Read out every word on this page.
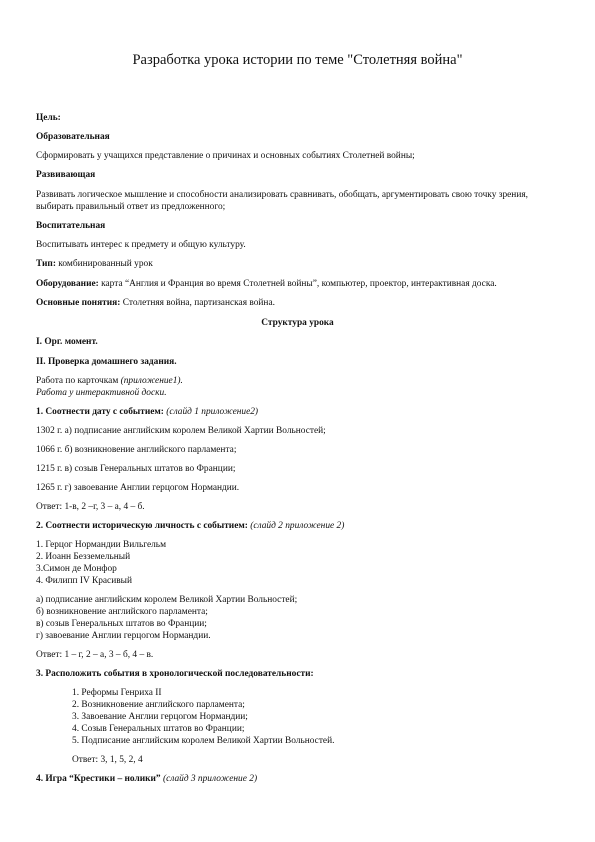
Разработка урока истории по теме "Столетняя война"
Цель:
Образовательная
Сформировать у учащихся представление о причинах и основных событиях Столетней войны;
Развивающая
Развивать логическое мышление и способности анализировать сравнивать, обобщать, аргументировать свою точку зрения,
выбирать правильный ответ из предложенного;
Воспитательная
Воспитывать интерес к предмету и общую культуру.
Тип: комбинированный урок
Оборудование: карта “Англия и Франция во время Столетней войны”, компьютер, проектор, интерактивная доска.
Основные понятия: Столетняя война, партизанская война.
Структура урока
I. Орг. момент.
II. Проверка домашнего задания.
Работа по карточкам (приложение1).
Работа у интерактивной доски.
1. Соотнести дату с событием: (слайд 1 приложение2)
1302 г. а) подписание английским королем Великой Хартии Вольностей;
1066 г. б) возникновение английского парламента;
1215 г. в) созыв Генеральных штатов во Франции;
1265 г. г) завоевание Англии герцогом Нормандии.
Ответ: 1-в, 2 –г, 3 – а, 4 – б.
2. Соотнести историческую личность с событием: (слайд 2 приложение 2)
1. Герцог Нормандии Вильгельм
2. Иоанн Безземельный
3.Симон де Монфор
4. Филипп IV Красивый
а) подписание английским королем Великой Хартии Вольностей;
б) возникновение английского парламента;
в) созыв Генеральных штатов во Франции;
г) завоевание Англии герцогом Нормандии.
Ответ: 1 – г, 2 – а, 3 – б, 4 – в.
3. Расположить события в хронологической последовательности:
1. Реформы Генриха II
2. Возникновение английского парламента;
3. Завоевание Англии герцогом Нормандии;
4. Созыв Генеральных штатов во Франции;
5. Подписание английским королем Великой Хартии Вольностей.
Ответ: 3, 1, 5, 2, 4
4. Игра “Крестики – нолики” (слайд 3 приложение 2)
